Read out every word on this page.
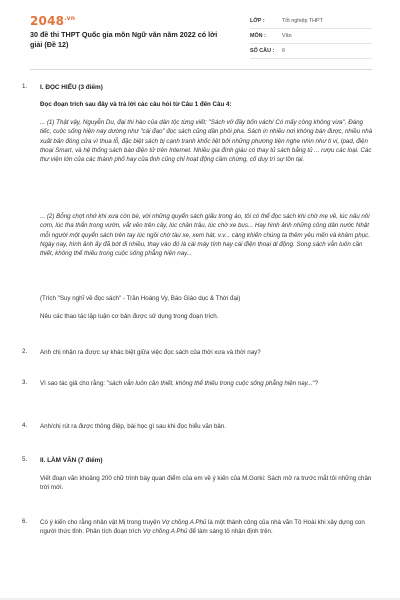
$2048^{.vn}$
30 đề thi THPT Quốc gia môn Ngữ văn năm 2022 có lời giải (Đề 12)
LỚP :	Tốt nghiệp THPT
MÔN :	Văn
SỐ CÂU :	6
1. I. ĐỌC HIỂU (3 điểm)
Đọc đoạn trích sau đây và trả lời các câu hỏi từ Câu 1 đến Câu 4:
... (1) Thật vậy, Nguyễn Du, đại thi hào của dân tộc từng viết: "Sách vở đầy bốn vách/ Có mấy công không vừa". Đáng tiếc, cuộc sống hiện nay dường như "cái đạo" đọc sách cũng dần phôi pha. Sách in nhiều nơi không bán được, nhiều nhà xuất bản đóng cửa vì thua lỗ, đặc biệt sách bị cạnh tranh khốc liệt bởi những phương tiện nghe nhìn như ti vi, Ipad, điện thoại Smart, và hệ thống sách báo điện tử trên Internet. Nhiều gia đình giàu có thay tủ sách bằng tủ ... rượu các loại. Các thư viện lớn của các thành phố hay của tỉnh cũng chỉ hoạt động cầm chừng, cố duy trì sự tồn tại.
... (2) Bỗng chợt nhớ khi xưa còn bé, với những quyển sách giấu trong áo, tôi có thể đọc sách khi chờ mẹ về, lúc nấu nồi cơm, lúc tha thẩn trong vườn, vắt vẻo trên cây, lúc chăn trâu, lúc chờ xe bus... Hay hình ảnh những công dân nước Nhật mỗi người một quyển sách trên tay lúc ngồi chờ tàu xe, xem hát, v.v... càng khiến chúng ta thêm yêu mến và khâm phục. Ngày nay, hình ảnh ấy đã bớt đi nhiều, thay vào đó là cái máy tính hay cái điện thoại di động. Song sách vẫn luôn cần thiết, không thể thiếu trong cuộc sống phẳng hiện nay...
(Trích "Suy nghĩ về đọc sách" - Trần Hoàng Vy, Báo Giáo dục & Thời đại)
Nêu các thao tác lập luận cơ bản được sử dụng trong đoạn trích.
2. Anh chị nhận ra được sự khác biệt giữa việc đọc sách của thời xưa và thời nay?
3. Vì sao tác giả cho rằng: "sách vẫn luôn cần thiết, không thể thiếu trong cuộc sống phẳng hiện nay..."?
4. Anh/chị rút ra được thông điệp, bài học gì sau khi đọc hiểu văn bản.
5. II. LÀM VĂN (7 điểm)
Viết đoạn văn khoảng 200 chữ trình bày quan điểm của em về ý kiến của M.Gorki: Sách mở ra trước mắt tôi những chân trời mới.
6. Có ý kiến cho rằng nhân vật Mị trong truyện Vợ chồng A Phủ là một thành công của nhà văn Tô Hoài khi xây dựng con người thức tỉnh. Phân tích đoạn trích Vợ chồng A Phủ để làm sáng tỏ nhận định trên.
